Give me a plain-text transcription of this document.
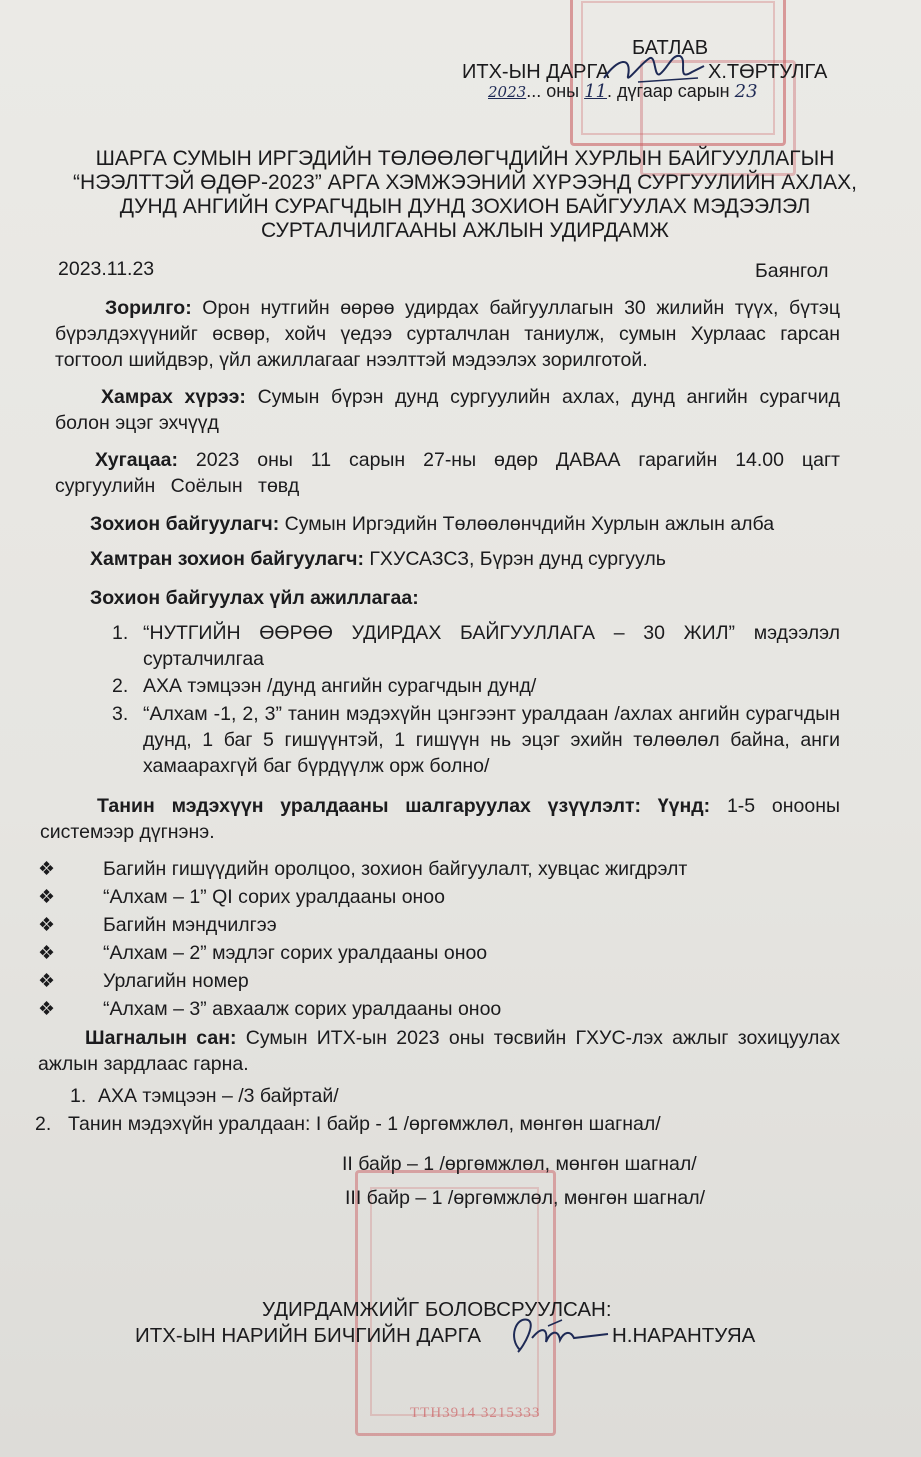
ТТН3914 3215333
БАТЛАВ
ИТХ-ЫН ДАРГА	Х.ТӨРТУЛГА
2023... оны 11. дүгаар сарын 23
ШАРГА СУМЫН ИРГЭДИЙН ТӨЛӨӨЛӨГЧДИЙН ХУРЛЫН БАЙГУУЛЛАГЫН
“НЭЭЛТТЭЙ ӨДӨР-2023” АРГА ХЭМЖЭЭНИЙ ХҮРЭЭНД СУРГУУЛИЙН АХЛАХ,
ДУНД АНГИЙН СУРАГЧДЫН ДУНД ЗОХИОН БАЙГУУЛАХ МЭДЭЭЛЭЛ
СУРТАЛЧИЛГААНЫ АЖЛЫН УДИРДАМЖ
2023.11.23	Баянгол
Зорилго: Орон нутгийн өөрөө удирдах байгууллагын 30 жилийн түүх, бүтэц бүрэлдэхүүнийг өсвөр, хойч үедээ сурталчлан таниулж, сумын Хурлаас гарсан тогтоол шийдвэр, үйл ажиллагааг нээлттэй мэдээлэх зорилготой.
Хамрах хүрээ: Сумын бүрэн дунд сургуулийн ахлах, дунд ангийн сурагчид болон эцэг эхчүүд
Хугацаа: 2023 оны 11 сарын 27-ны өдөр ДАВАА гарагийн 14.00 цагт сургуулийн Соёлын төвд
Зохион байгуулагч: Сумын Иргэдийн Төлөөлөнчдийн Хурлын ажлын алба
Хамтран зохион байгуулагч: ГХУСАЗСЗ, Бүрэн дунд сургууль
Зохион байгуулах үйл ажиллагаа:
1. “НУТГИЙН ӨӨРӨӨ УДИРДАХ БАЙГУУЛЛАГА – 30 ЖИЛ” мэдээлэл сурталчилгаа
2. АХА тэмцээн /дунд ангийн сурагчдын дунд/
3. “Алхам -1, 2, 3” танин мэдэхүйн цэнгээнт уралдаан /ахлах ангийн сурагчдын дунд, 1 баг 5 гишүүнтэй, 1 гишүүн нь эцэг эхийн төлөөлөл байна, анги хамаарахгүй баг бүрдүүлж орж болно/
Танин мэдэхүүн уралдааны шалгаруулах үзүүлэлт: Үүнд: 1-5 онооны системээр дүгнэнэ.
❖ Багийн гишүүдийн оролцоо, зохион байгуулалт, хувцас жигдрэлт
❖ “Алхам – 1” QI сорих уралдааны оноо
❖ Багийн мэндчилгээ
❖ “Алхам – 2” мэдлэг сорих уралдааны оноо
❖ Урлагийн номер
❖ “Алхам – 3” авхаалж сорих уралдааны оноо
Шагналын сан: Сумын ИТХ-ын 2023 оны төсвийн ГХУС-лэх ажлыг зохицуулах ажлын зардлаас гарна.
1. АХА тэмцээн – /3 байртай/
2. Танин мэдэхүйн уралдаан: I байр - 1 /өргөмжлөл, мөнгөн шагнал/
II байр – 1 /өргөмжлөл, мөнгөн шагнал/
III байр – 1 /өргөмжлөл, мөнгөн шагнал/
УДИРДАМЖИЙГ БОЛОВСРУУЛСАН:
ИТХ-ЫН НАРИЙН БИЧГИЙН ДАРГА	Н.НАРАНТУЯА
